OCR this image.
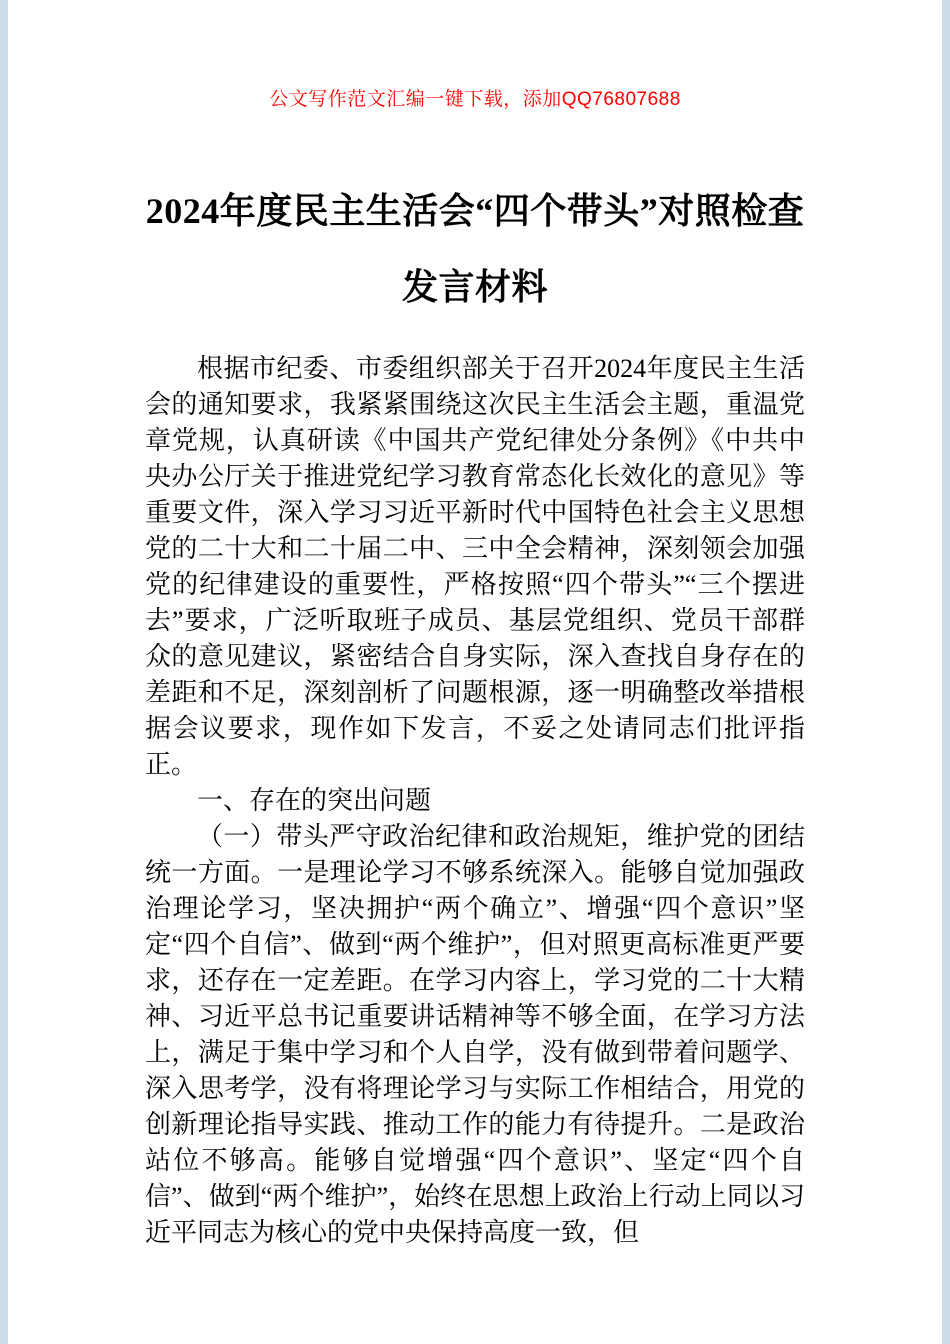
公文写作范文汇编一键下载，添加QQ76807688
2024年度民主生活会“四个带头”对照检查发言材料

根据市纪委、市委组织部关于召开2024年度民主生活会的通知要求，我紧紧围绕这次民主生活会主题，重温党章党规，认真研读《中国共产党纪律处分条例》《中共中央办公厅关于推进党纪学习教育常态化长效化的意见》等重要文件，深入学习习近平新时代中国特色社会主义思想党的二十大和二十届二中、三中全会精神，深刻领会加强党的纪律建设的重要性，严格按照“四个带头”“三个摆进去”要求，广泛听取班子成员、基层党组织、党员干部群众的意见建议，紧密结合自身实际，深入查找自身存在的差距和不足，深刻剖析了问题根源，逐一明确整改举措根据会议要求，现作如下发言，不妥之处请同志们批评指正。

一、存在的突出问题

（一）带头严守政治纪律和政治规矩，维护党的团结统一方面。一是理论学习不够系统深入。能够自觉加强政治理论学习，坚决拥护“两个确立”、增强“四个意识”坚定“四个自信”、做到“两个维护”，但对照更高标准更严要求，还存在一定差距。在学习内容上，学习党的二十大精神、习近平总书记重要讲话精神等不够全面，在学习方法上，满足于集中学习和个人自学，没有做到带着问题学、深入思考学，没有将理论学习与实际工作相结合，用党的创新理论指导实践、推动工作的能力有待提升。二是政治站位不够高。能够自觉增强“四个意识”、坚定“四个自信”、做到“两个维护”，始终在思想上政治上行动上同以习近平同志为核心的党中央保持高度一致，但
